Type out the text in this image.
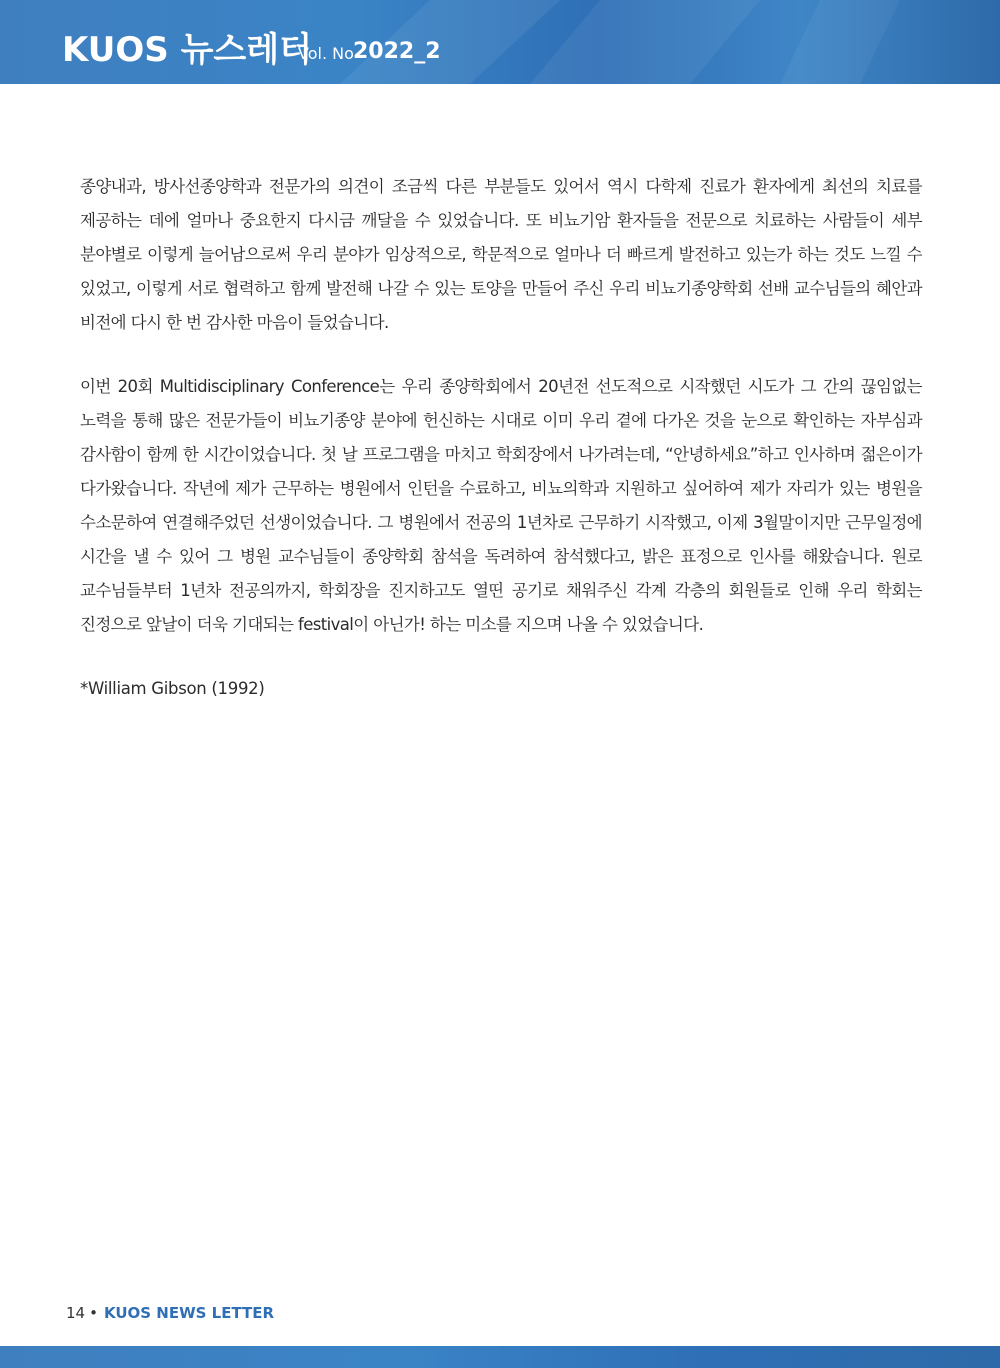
KUOS 뉴스레터
Vol. No 2022_2

종양내과, 방사선종양학과 전문가의 의견이 조금씩 다른 부분들도 있어서 역시 다학제 진료가 환자에게 최선의 치료를 제공하는 데에 얼마나 중요한지 다시금 깨달을 수 있었습니다. 또 비뇨기암 환자들을 전문으로 치료하는 사람들이 세부 분야별로 이렇게 늘어남으로써 우리 분야가 임상적으로, 학문적으로 얼마나 더 빠르게 발전하고 있는가 하는 것도 느낄 수 있었고, 이렇게 서로 협력하고 함께 발전해 나갈 수 있는 토양을 만들어 주신 우리 비뇨기종양학회 선배 교수님들의 혜안과 비전에 다시 한 번 감사한 마음이 들었습니다.

이번 20회 Multidisciplinary Conference는 우리 종양학회에서 20년전 선도적으로 시작했던 시도가 그 간의 끊임없는 노력을 통해 많은 전문가들이 비뇨기종양 분야에 헌신하는 시대로 이미 우리 곁에 다가온 것을 눈으로 확인하는 자부심과 감사함이 함께 한 시간이었습니다. 첫 날 프로그램을 마치고 학회장에서 나가려는데, “안녕하세요”하고 인사하며 젊은이가 다가왔습니다. 작년에 제가 근무하는 병원에서 인턴을 수료하고, 비뇨의학과 지원하고 싶어하여 제가 자리가 있는 병원을 수소문하여 연결해주었던 선생이었습니다. 그 병원에서 전공의 1년차로 근무하기 시작했고, 이제 3월말이지만 근무일정에 시간을 낼 수 있어 그 병원 교수님들이 종양학회 참석을 독려하여 참석했다고, 밝은 표정으로 인사를 해왔습니다. 원로 교수님들부터 1년차 전공의까지, 학회장을 진지하고도 열띤 공기로 채워주신 각계 각층의 회원들로 인해 우리 학회는 진정으로 앞날이 더욱 기대되는 festival이 아닌가! 하는 미소를 지으며 나올 수 있었습니다.

*William Gibson (1992)

14 • KUOS NEWS LETTER
